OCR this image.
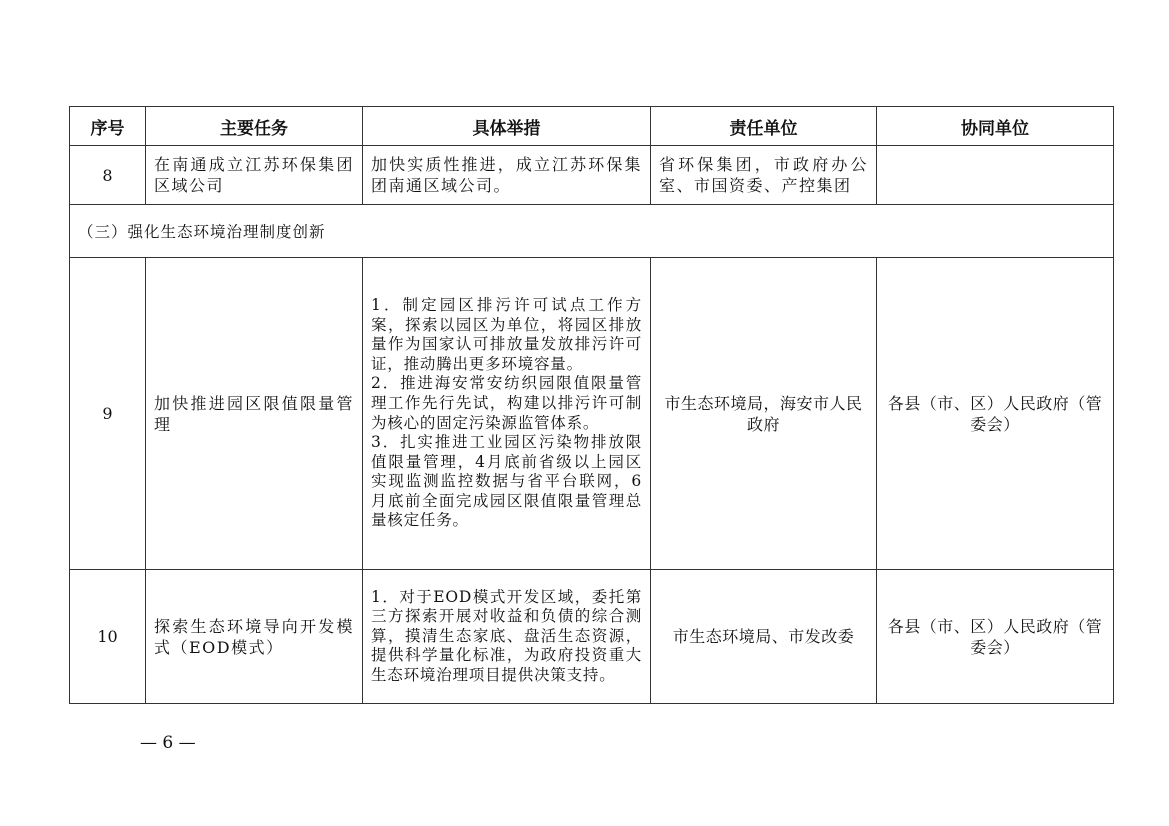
序号	主要任务	具体举措	责任单位	协同单位
8	在南通成立江苏环保集团区域公司	加快实质性推进，成立江苏环保集团南通区域公司。	省环保集团，市政府办公室、市国资委、产控集团	
（三）强化生态环境治理制度创新				
9	加快推进园区限值限量管理	1．制定园区排污许可试点工作方案，探索以园区为单位，将园区排放量作为国家认可排放量发放排污许可证，推动腾出更多环境容量。
2．推进海安常安纺织园限值限量管理工作先行先试，构建以排污许可制为核心的固定污染源监管体系。
3．扎实推进工业园区污染物排放限值限量管理，4月底前省级以上园区实现监测监控数据与省平台联网，6月底前全面完成园区限值限量管理总量核定任务。	市生态环境局，海安市人民政府	各县（市、区）人民政府（管委会）
10	探索生态环境导向开发模式（EOD模式）	1．对于EOD模式开发区域，委托第三方探索开展对收益和负债的综合测算，摸清生态家底、盘活生态资源，提供科学量化标准，为政府投资重大生态环境治理项目提供决策支持。	市生态环境局、市发改委	各县（市、区）人民政府（管委会）
— 6 —
